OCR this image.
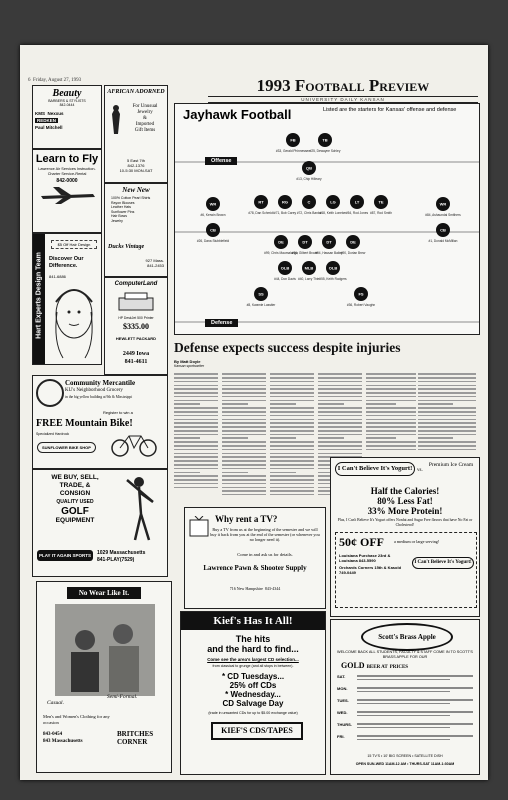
6 Friday, August 27, 1993	1993 Football Preview
UNIVERSITY DAILY KANSAN
Beauty
BARBERS & STYLISTS
842-0444
KMS Nexxus
REDKEN
Paul Mitchell
Learn to Fly
Lawrence Air Services Instruction-Charter Service-Rental
842-0000
Hart Experts Design Team
$5 Off Hair Design
Discover Our Difference.
841-6886
AFRICAN ADORNED
For Unusual
Jewelry
&
Imported
Gift Items
5 East 7th
842-1376
10-5:30 MON-SAT
New New
100% Cotton Pearl Shirts
Rayon Blouses
Leather Hats
Sunflower Pins
Hair Bows
Jewelry
Ducks Vintage
927 Mass.
841-2453
ComputerLand
HP DeskJet 500 Printer
$335.00
HEWLETT PACKARD
2449 Iowa
841-4611
Community Mercantile
KU's Neighborhood Grocery
in the big yellow building at 9th & Mississippi
Register to win a
FREE Mountain Bike!
Specialized Hardrock
SUNFLOWER BIKE SHOP
WE BUY, SELL,
TRADE, &
CONSIGN
QUALITY USED
GOLF
EQUIPMENT
PLAY IT AGAIN SPORTS	1029 Massachusetts
841-PLAY(7529)
No Wear Like It.
Casual.
Semi-Formal.
Men's and Women's Clothing for any occasion
843-0454
843 Massachusetts
BRITCHES CORNER
Jayhawk Football	Listed are the starters for Kansas' offense and defense
FB
#33, Gerald Phinnessee
TB
#25, Dewayne Schley
QB
#13, Chip Hilleary
WR
#6, Kerwin Brown
RT
#78, Dan Schmidt
RG
#71, Bob Carey
C
#72, Chris Banks
LG
#68, Keith Loneker
LT
#54, Rod Jones
TE
#87, Rod Smith
WR
#84, Ashaundai Smithers
CB
#26, Dana Stubblefield	DE
#99, Chris Maumalanga
DT
#91, Gilbert Brown
DT
#94, Hassan Bailey
DE
#90, Dorian Brew
CB
#1, Donald McMillan
OLB
#44, Don Davis
MLB
#40, Larry Thiel
OLB
#55, Keith Rodgers
SS
#8, Kwamie Lassiter
FS
#36, Robert Vaughn
Offense
Defense
Defense expects success despite injuries
By Matt Doyle
Kansan sportswriter
Why rent a TV?
Buy a TV from us at the beginning of the semester and we will buy it back from you at the end of the semester (or whenever you no longer need it).
Come in and ask us for details.
Lawrence Pawn & Shooter Supply
716 New Hampshire 843-4344
Kief's Has It All!
The hits
and the hard to find...
Come see the area's largest CD selection...
from classical to grunge (and all stops in between).
* CD Tuesdays...
25% off CDs
* Wednesday...
CD Salvage Day
(trade in unwanted CDs for up to $5.00 exchange value)
KIEF'S CDS/TAPES
I Can't Believe It's Yogurt! vs.
Premium Ice Cream
Half the Calories!
80% Less Fat!
33% More Protein!
Plus, I Can't Believe It's Yogurt offers Nonfat and Sugar Free flavors that have No Fat or Cholesterol!
50¢ OFF a medium or large serving!
Louisiana Purchase 23rd & Louisiana 843-5590
Orchards Corners 15th & Kasold 749-0449
I Can't Believe It's Yogurt!
Scott's Brass Apple
WELCOME BACK ALL STUDENTS, FACULTY & STAFF COME IN TO SCOTT'S BRASS APPLE FOR OUR
GOLD BEER AT PRICES
SAT.
MON.
TUES.
WED.
THURS.
FRI.
15 TV'S • 10' BIG SCREEN • SATELLITE DISH
OPEN SUN-WED 11AM-12 AM • THURS-SAT 11AM-1:30AM
